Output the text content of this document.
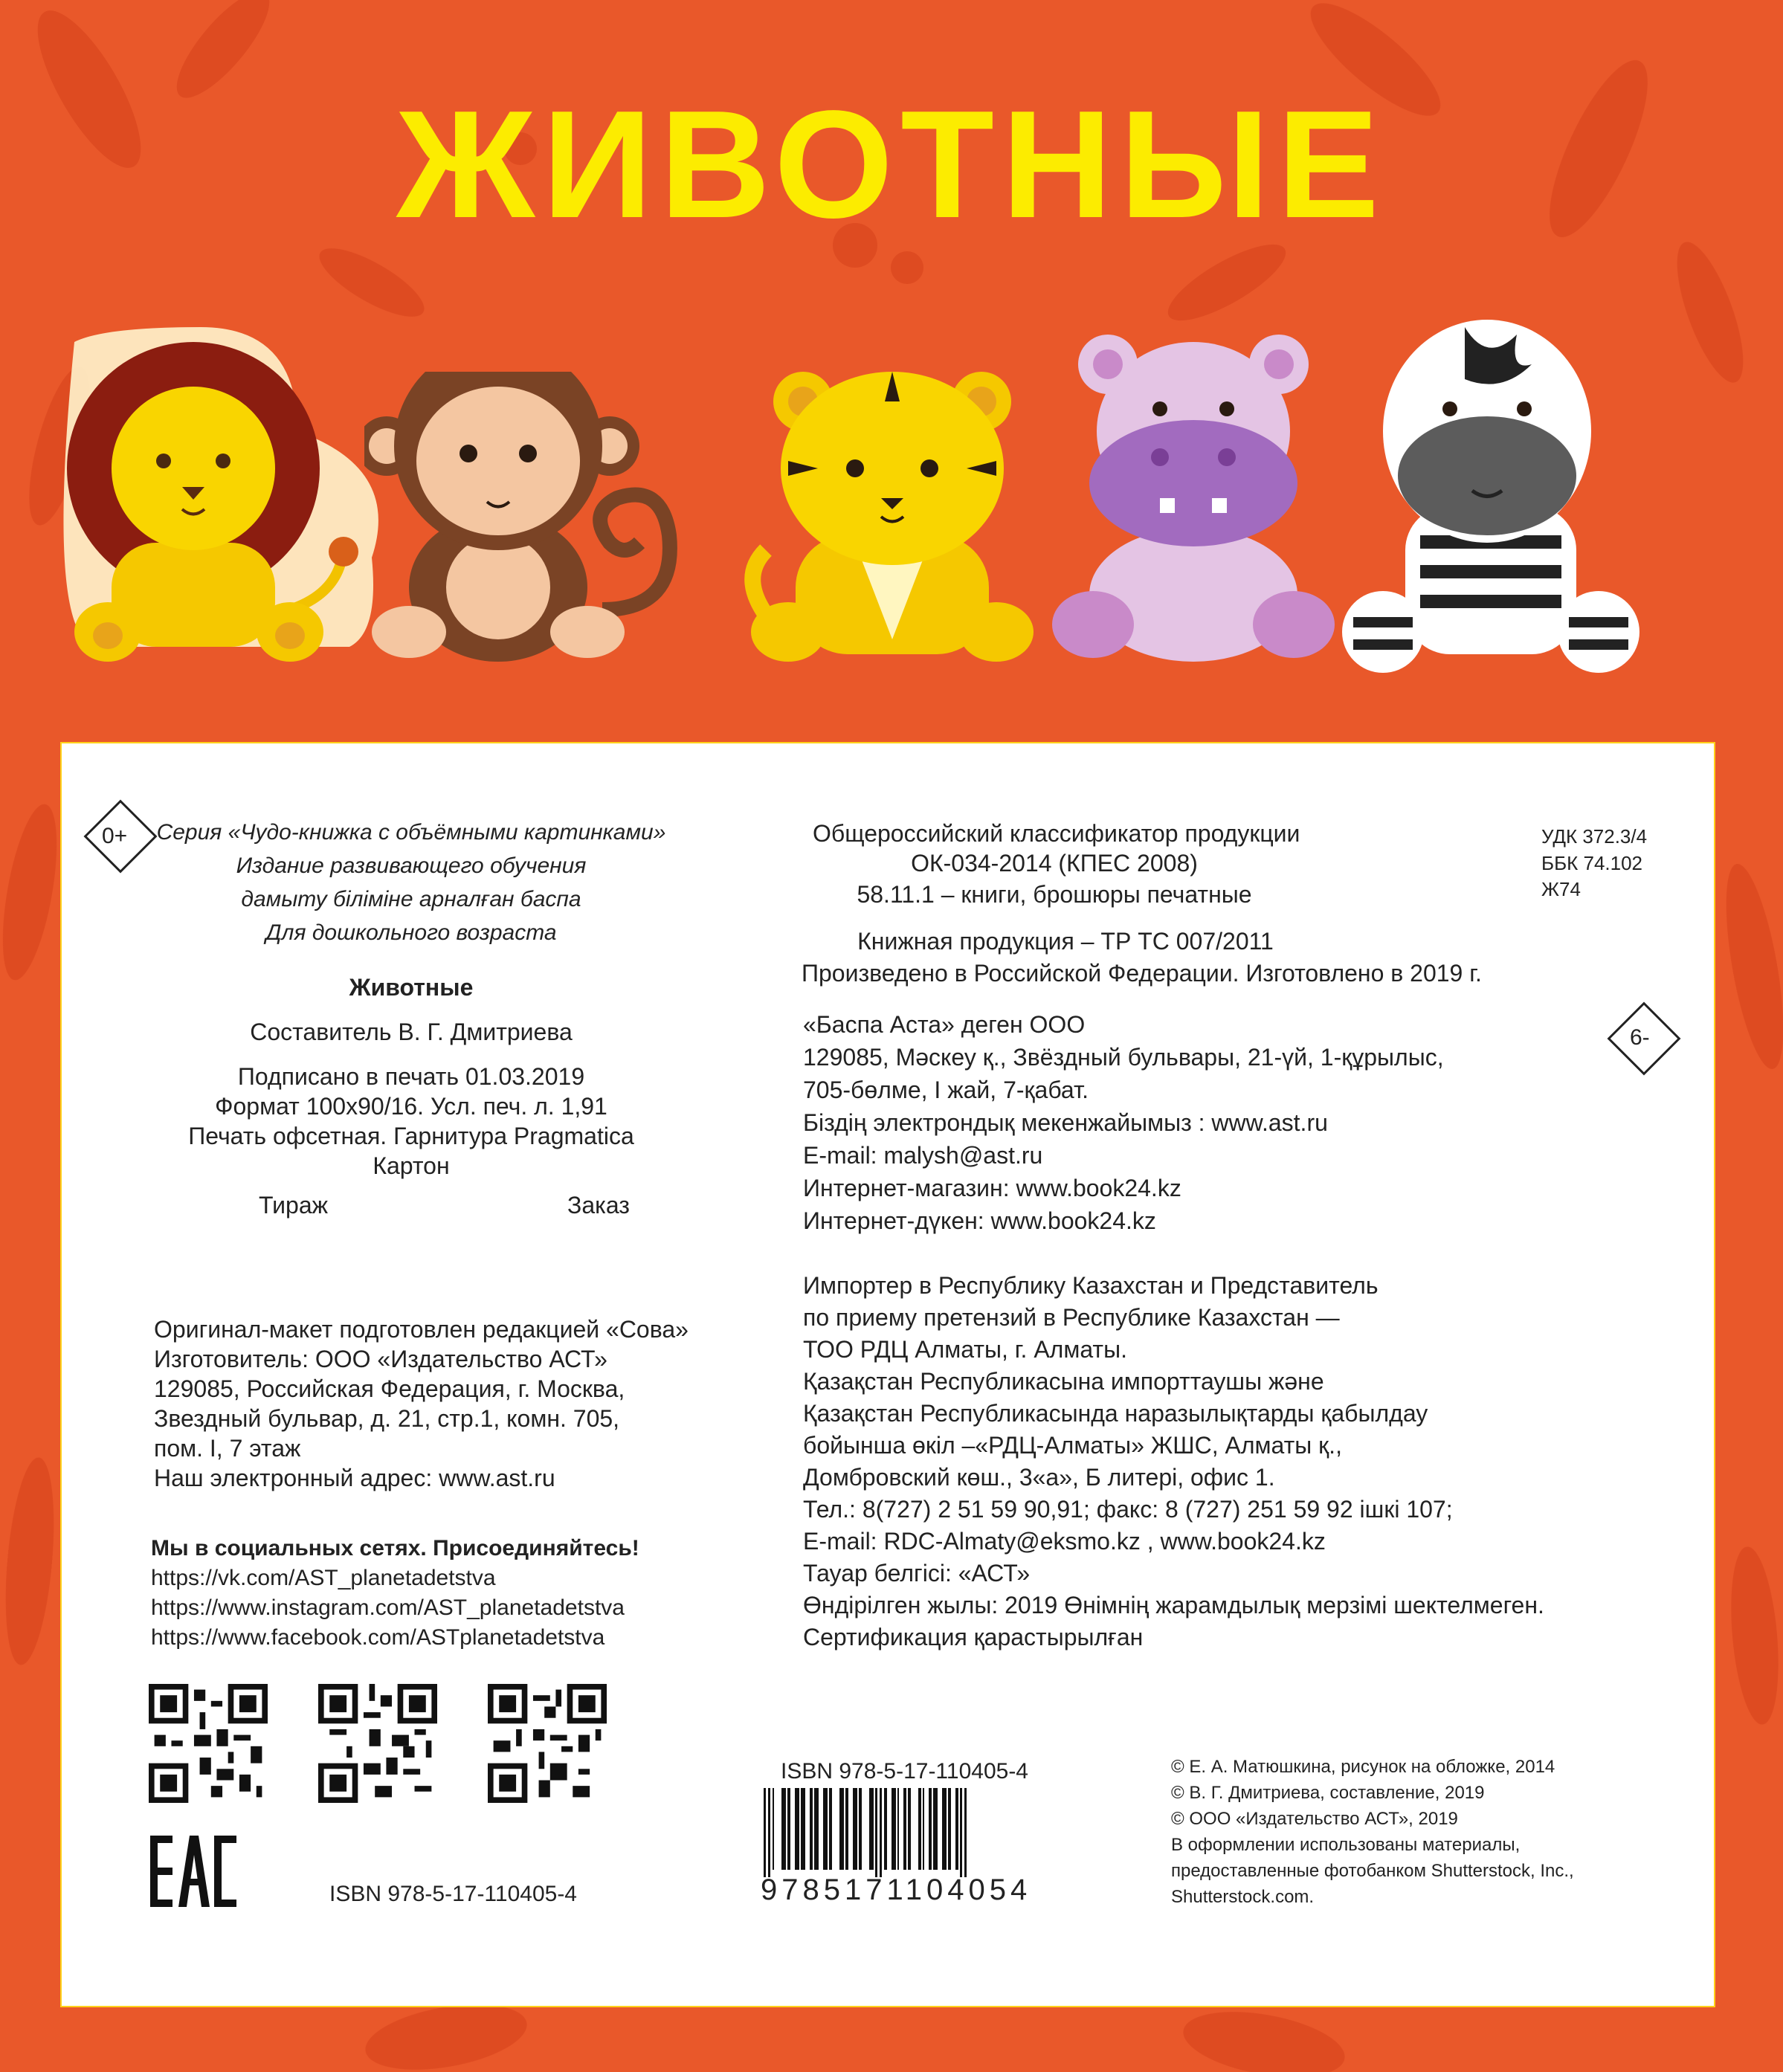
ЖИВОТНЫЕ
0+	Серия «Чудо-книжка с объёмными картинками»
Издание развивающего обучения
дамыту біліміне арналған баспа
Для дошкольного возраста
Животные
Составитель В. Г. Дмитриева
Подписано в печать 01.03.2019
Формат 100x90/16. Усл. печ. л. 1,91
Печать офсетная. Гарнитура Pragmatica
Картон
Тираж	Заказ
Оригинал-макет подготовлен редакцией «Сова»
Изготовитель: ООО «Издательство АСТ»
129085, Российская Федерация, г. Москва,
Звездный бульвар, д. 21, стр.1, комн. 705,
пом. I, 7 этаж
Наш электронный адрес: www.ast.ru
Мы в социальных сетях. Присоединяйтесь!
https://vk.com/AST_planetadetstva
https://www.instagram.com/AST_planetadetstva
https://www.facebook.com/ASTplanetadetstva
ISBN 978-5-17-110405-4
Общероссийский классификатор продукции
ОК-034-2014 (КПЕС 2008)
58.11.1 – книги, брошюры печатные
УДК 372.3/4
ББК 74.102
Ж74
Книжная продукция – ТР ТС 007/2011
Произведено в Российской Федерации. Изготовлено в 2019 г.
6-
«Баспа Аста» деген ООО
129085, Мәскеу қ., Звёздный бульвары, 21-үй, 1-құрылыс,
705-бөлме, I жай, 7-қабат.
Біздің электрондық мекенжайымыз : www.ast.ru
E-mail: malysh@ast.ru
Интернет-магазин: www.book24.kz
Интернет-дүкен: www.book24.kz
Импортер в Республику Казахстан и Представитель
по приему претензий в Республике Казахстан —
ТОО РДЦ Алматы, г. Алматы.
Қазақстан Республикасына импорттаушы және
Қазақстан Республикасында наразылықтарды қабылдау
бойынша өкіл –«РДЦ-Алматы» ЖШС, Алматы қ.,
Домбровский көш., 3«а», Б литері, офис 1.
Тел.: 8(727) 2 51 59 90,91; факс: 8 (727) 251 59 92 ішкі 107;
E-mail: RDC-Almaty@eksmo.kz , www.book24.kz
Тауар белгісі: «АСТ»
Өндірілген жылы: 2019 Өнімнің жарамдылық мерзімі шектелмеген.
Сертификация қарастырылған
ISBN 978-5-17-110405-4
9785171104054
© Е. А. Матюшкина, рисунок на обложке, 2014
© В. Г. Дмитриева, составление, 2019
© ООО «Издательство АСТ», 2019
В оформлении использованы материалы,
предоставленные фотобанком Shutterstock, Inc.,
Shutterstock.com.
